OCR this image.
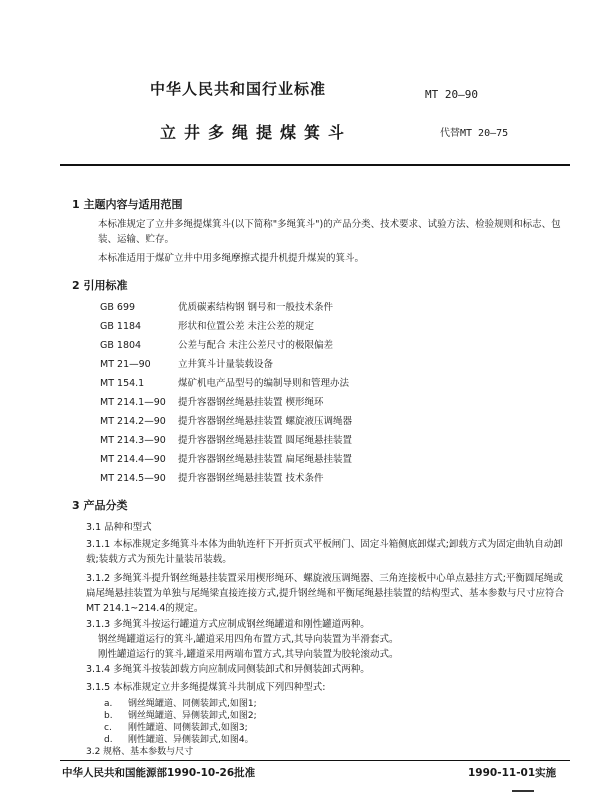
中华人民共和国行业标准	MT 20—90
立井多绳提煤箕斗	代替MT 20—75
1 主题内容与适用范围
本标准规定了立井多绳提煤箕斗(以下简称"多绳箕斗")的产品分类、技术要求、试验方法、检验规则和标志、包装、运输、贮存。
本标准适用于煤矿立井中用多绳摩擦式提升机提升煤炭的箕斗。
2 引用标准
GB 699	优质碳素结构钢 钢号和一般技术条件
GB 1184	形状和位置公差 未注公差的规定
GB 1804	公差与配合 未注公差尺寸的极限偏差
MT 21—90	立井箕斗计量装载设备
MT 154.1	煤矿机电产品型号的编制导则和管理办法
MT 214.1—90 提升容器钢丝绳悬挂装置 楔形绳环
MT 214.2—90 提升容器钢丝绳悬挂装置 螺旋液压调绳器
MT 214.3—90 提升容器钢丝绳悬挂装置 圆尾绳悬挂装置
MT 214.4—90 提升容器钢丝绳悬挂装置 扁尾绳悬挂装置
MT 214.5—90 提升容器钢丝绳悬挂装置 技术条件
3 产品分类
3.1 品种和型式
3.1.1 本标准规定多绳箕斗本体为曲轨连杆下开折页式平板闸门、固定斗箱侧底卸煤式;卸载方式为固定曲轨自动卸载;装载方式为预先计量装吊装载。
3.1.2 多绳箕斗提升钢丝绳悬挂装置采用楔形绳环、螺旋液压调绳器、三角连接板中心单点悬挂方式;平衡圆尾绳或扁尾绳悬挂装置为单独与尾绳梁直接连接方式,提升钢丝绳和平衡尾绳悬挂装置的结构型式、基本参数与尺寸应符合MT 214.1~214.4的规定。
3.1.3 多绳箕斗按运行罐道方式应制成钢丝绳罐道和刚性罐道两种。
钢丝绳罐道运行的箕斗,罐道采用四角布置方式,其导向装置为半滑套式。
刚性罐道运行的箕斗,罐道采用两端布置方式,其导向装置为胶轮滚动式。
3.1.4 多绳箕斗按装卸载方向应制成同侧装卸式和异侧装卸式两种。
3.1.5 本标准规定立井多绳提煤箕斗共制成下列四种型式:
a. 钢丝绳罐道、同侧装卸式,如图1;
b. 钢丝绳罐道、异侧装卸式,如图2;
c. 刚性罐道、同侧装卸式,如图3;
d. 刚性罐道、异侧装卸式,如图4。
3.2 规格、基本参数与尺寸
中华人民共和国能源部1990-10-26批准	1990-11-01实施
